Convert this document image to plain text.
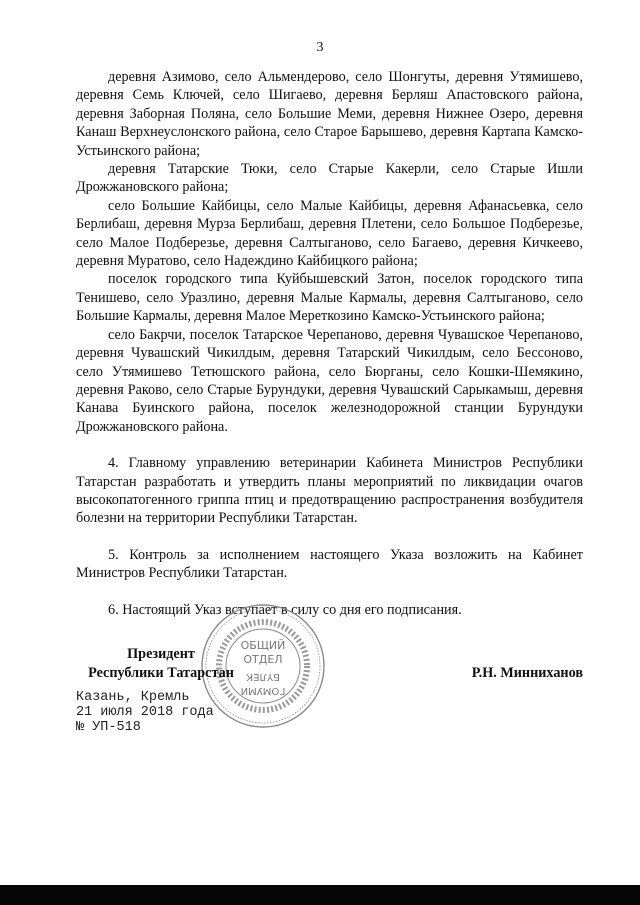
3

деревня Азимово, село Альмендерово, село Шонгуты, деревня Утямишево, деревня Семь Ключей, село Шигаево, деревня Берляш Апастовского района, деревня Заборная Поляна, село Большие Меми, деревня Нижнее Озеро, деревня Канаш Верхнеуслонского района, село Старое Барышево, деревня Картапа Камско-Устьинского района;

деревня Татарские Тюки, село Старые Какерли, село Старые Ишли Дрожжановского района;

село Большие Кайбицы, село Малые Кайбицы, деревня Афанасьевка, село Берлибаш, деревня Мурза Берлибаш, деревня Плетени, село Большое Подберезье, село Малое Подберезье, деревня Салтыганово, село Багаево, деревня Кичкеево, деревня Муратово, село Надеждино Кайбицкого района;

поселок городского типа Куйбышевский Затон, поселок городского типа Тенишево, село Уразлино, деревня Малые Кармалы, деревня Салтыганово, село Большие Кармалы, деревня Малое Мереткозино Камско-Устьинского района;

село Бакрчи, поселок Татарское Черепаново, деревня Чувашское Черепаново, деревня Чувашский Чикилдым, деревня Татарский Чикилдым, село Бессоново, село Утямишево Тетюшского района, село Бюрганы, село Кошки-Шемякино, деревня Раково, село Старые Бурундуки, деревня Чувашский Сарыкамыш, деревня Канава Буинского района, поселок железнодорожной станции Бурундуки Дрожжановского района.

4. Главному управлению ветеринарии Кабинета Министров Республики Татарстан разработать и утвердить планы мероприятий по ликвидации очагов высокопатогенного гриппа птиц и предотвращению распространения возбудителя болезни на территории Республики Татарстан.

5. Контроль за исполнением настоящего Указа возложить на Кабинет Министров Республики Татарстан.

6. Настоящий Указ вступает в силу со дня его подписания.

ОБЩИЙ
ОТДЕЛ
БҮЛЕК
ГОМУМИ
Президент
Республики Татарстан	Р.Н. Минниханов
Казань, Кремль
21 июля 2018 года
№ УП-518
